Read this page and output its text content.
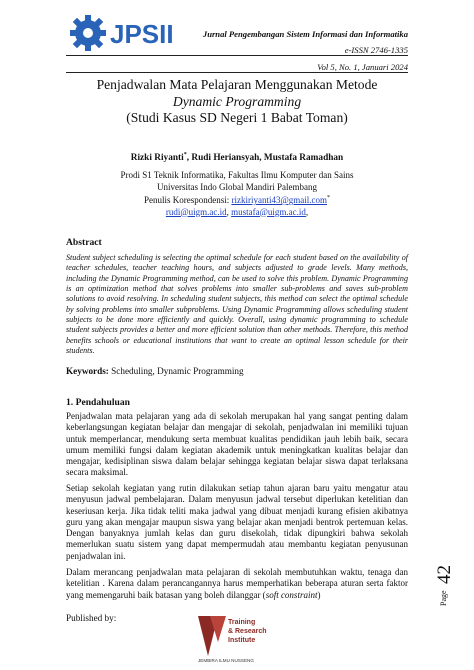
JPSII	Jurnal Pengembangan Sistem Informasi dan Informatika
e-ISSN 2746-1335
Vol 5, No. 1, Januari 2024
Penjadwalan Mata Pelajaran Menggunakan Metode
Dynamic Programming
(Studi Kasus SD Negeri 1 Babat Toman)
Rizki Riyanti*, Rudi Heriansyah, Mustafa Ramadhan
Prodi S1 Teknik Informatika, Fakultas Ilmu Komputer dan Sains
Universitas Indo Global Mandiri Palembang
Penulis Korespondensi: rizkiriyanti43@gmail.com*
rudi@uigm.ac.id, mustafa@uigm.ac.id,
Abstract
Student subject scheduling is selecting the optimal schedule for each student based on the availability of teacher schedules, teacher teaching hours, and subjects adjusted to grade levels. Many methods, including the Dynamic Programming method, can be used to solve this problem. Dynamic Programming is an optimization method that solves problems into smaller sub-problems and saves sub-problem solutions to avoid resolving. In scheduling student subjects, this method can select the optimal schedule by solving problems into smaller subproblems. Using Dynamic Programming allows scheduling student subjects to be done more efficiently and quickly. Overall, using dynamic programming to schedule student subjects provides a better and more efficient solution than other methods. Therefore, this method benefits schools or educational institutions that want to create an optimal lesson schedule for their students.
Keywords: Scheduling, Dynamic Programming
1. Pendahuluan
Penjadwalan mata pelajaran yang ada di sekolah merupakan hal yang sangat penting dalam keberlangsungan kegiatan belajar dan mengajar di sekolah, penjadwalan ini memiliki tujuan untuk memperlancar, mendukung serta membuat kualitas pendidikan jauh lebih baik, secara umum memiliki fungsi dalam kegiatan akademik untuk meningkatkan kualitas belajar dan mengajar, kedisiplinan siswa dalam belajar sehingga kegiatan belajar siswa dapat terlaksana secara maksimal.
Setiap sekolah kegiatan yang rutin dilakukan setiap tahun ajaran baru yaitu mengatur atau menyusun jadwal pembelajaran. Dalam menyusun jadwal tersebut diperlukan ketelitian dan keseriusan kerja. Jika tidak teliti maka jadwal yang dibuat menjadi kurang efisien akibatnya guru yang akan mengajar maupun siswa yang belajar akan menjadi bentrok pertemuan kelas. Dengan banyaknya jumlah kelas dan guru disekolah, tidak dipungkiri bahwa sekolah memerlukan suatu sistem yang dapat mempermudah atau membantu kegiatan penyusunan penjadwalan ini.
Dalam merancang penjadwalan mata pelajaran di sekolah membutuhkan waktu, tenaga dan ketelitian . Karena dalam perancangannya harus memperhatikan beberapa aturan serta faktor yang memengaruhi baik batasan yang boleh dilanggar (soft constraint)
Published by:	Training
& Research
Institute
JEMBIRA ILMU NUSSENG
Page
42
